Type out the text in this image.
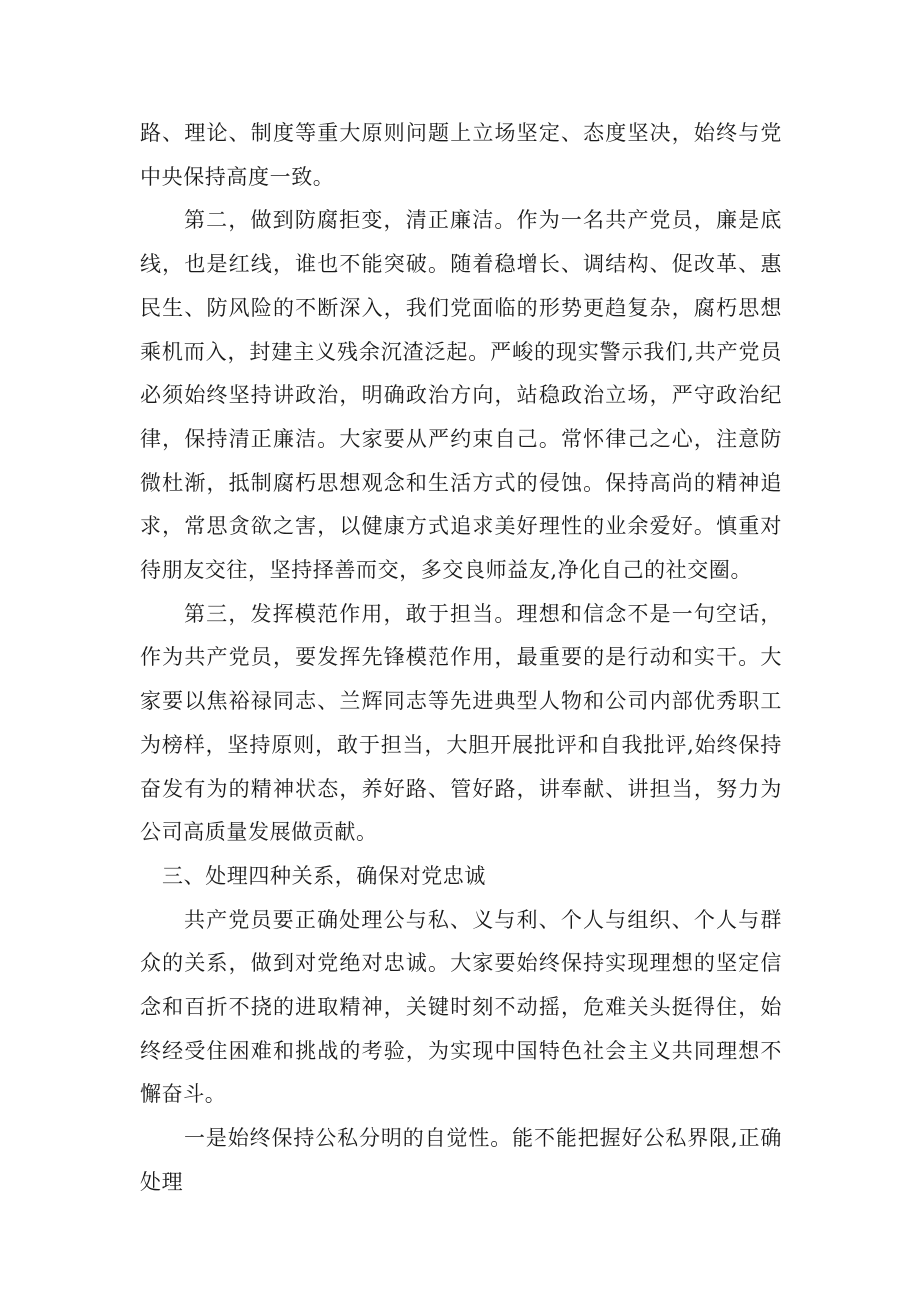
路、理论、制度等重大原则问题上立场坚定、态度坚决，始终与党中央保持高度一致。

第二，做到防腐拒变，清正廉洁。作为一名共产党员，廉是底线，也是红线，谁也不能突破。随着稳增长、调结构、促改革、惠民生、防风险的不断深入，我们党面临的形势更趋复杂，腐朽思想乘机而入，封建主义残余沉渣泛起。严峻的现实警示我们,共产党员必须始终坚持讲政治，明确政治方向，站稳政治立场，严守政治纪律，保持清正廉洁。大家要从严约束自己。常怀律己之心，注意防微杜渐，抵制腐朽思想观念和生活方式的侵蚀。保持高尚的精神追求，常思贪欲之害，以健康方式追求美好理性的业余爱好。慎重对待朋友交往，坚持择善而交，多交良师益友,净化自己的社交圈。

第三，发挥模范作用，敢于担当。理想和信念不是一句空话，作为共产党员，要发挥先锋模范作用，最重要的是行动和实干。大家要以焦裕禄同志、兰辉同志等先进典型人物和公司内部优秀职工为榜样，坚持原则，敢于担当，大胆开展批评和自我批评,始终保持奋发有为的精神状态，养好路、管好路，讲奉献、讲担当，努力为公司高质量发展做贡献。

三、处理四种关系，确保对党忠诚

共产党员要正确处理公与私、义与利、个人与组织、个人与群众的关系，做到对党绝对忠诚。大家要始终保持实现理想的坚定信念和百折不挠的进取精神，关键时刻不动摇，危难关头挺得住，始终经受住困难和挑战的考验，为实现中国特色社会主义共同理想不懈奋斗。

一是始终保持公私分明的自觉性。能不能把握好公私界限,正确处理
